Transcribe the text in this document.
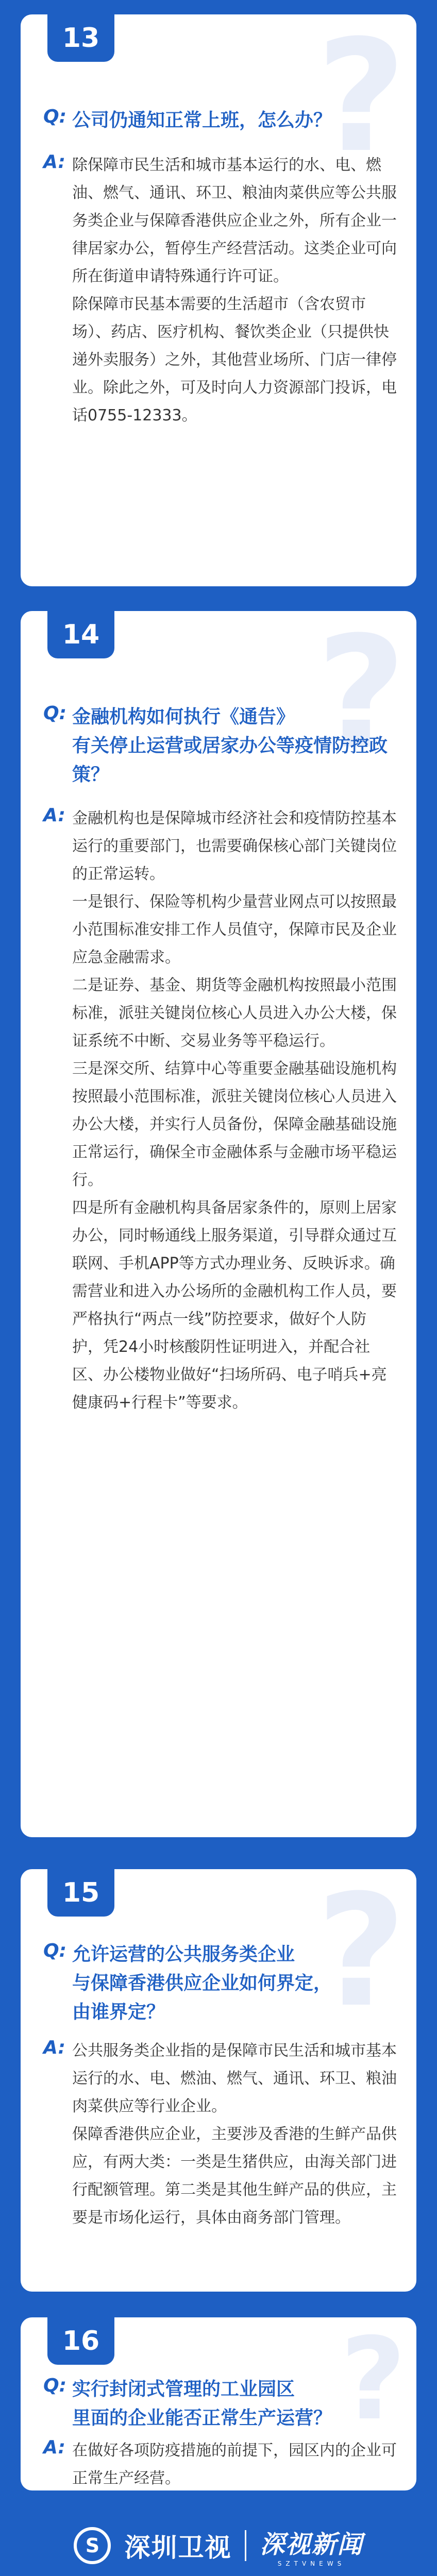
13 ?
Q: 公司仍通知正常上班，怎么办？
A: 除保障市民生活和城市基本运行的水、电、燃油、燃气、通讯、环卫、粮油肉菜供应等公共服务类企业与保障香港供应企业之外，所有企业一律居家办公，暂停生产经营活动。这类企业可向所在街道申请特殊通行许可证。

除保障市民基本需要的生活超市（含农贸市场）、药店、医疗机构、餐饮类企业（只提供快递外卖服务）之外，其他营业场所、门店一律停业。除此之外，可及时向人力资源部门投诉，电话0755-12333。

14 ?
Q: 金融机构如何执行《通告》
有关停止运营或居家办公等疫情防控政策？
A: 金融机构也是保障城市经济社会和疫情防控基本运行的重要部门，也需要确保核心部门关键岗位的正常运转。

一是银行、保险等机构少量营业网点可以按照最小范围标准安排工作人员值守，保障市民及企业应急金融需求。

二是证券、基金、期货等金融机构按照最小范围标准，派驻关键岗位核心人员进入办公大楼，保证系统不中断、交易业务等平稳运行。

三是深交所、结算中心等重要金融基础设施机构按照最小范围标准，派驻关键岗位核心人员进入办公大楼，并实行人员备份，保障金融基础设施正常运行，确保全市金融体系与金融市场平稳运行。

四是所有金融机构具备居家条件的，原则上居家办公，同时畅通线上服务渠道，引导群众通过互联网、手机APP等方式办理业务、反映诉求。确需营业和进入办公场所的金融机构工作人员，要严格执行“两点一线”防控要求，做好个人防护，凭24小时核酸阴性证明进入，并配合社区、办公楼物业做好“扫场所码、电子哨兵+亮健康码+行程卡”等要求。

15 ?
Q: 允许运营的公共服务类企业
与保障香港供应企业如何界定，
由谁界定？
A: 公共服务类企业指的是保障市民生活和城市基本运行的水、电、燃油、燃气、通讯、环卫、粮油肉菜供应等行业企业。

保障香港供应企业，主要涉及香港的生鲜产品供应，有两大类：一类是生猪供应，由海关部门进行配额管理。第二类是其他生鲜产品的供应，主要是市场化运行，具体由商务部门管理。

16 ?
Q: 实行封闭式管理的工业园区
里面的企业能否正常生产运营？
A: 在做好各项防疫措施的前提下，园区内的企业可正常生产经营。

S 深圳卫视 深视新闻
SZTVNEWS
